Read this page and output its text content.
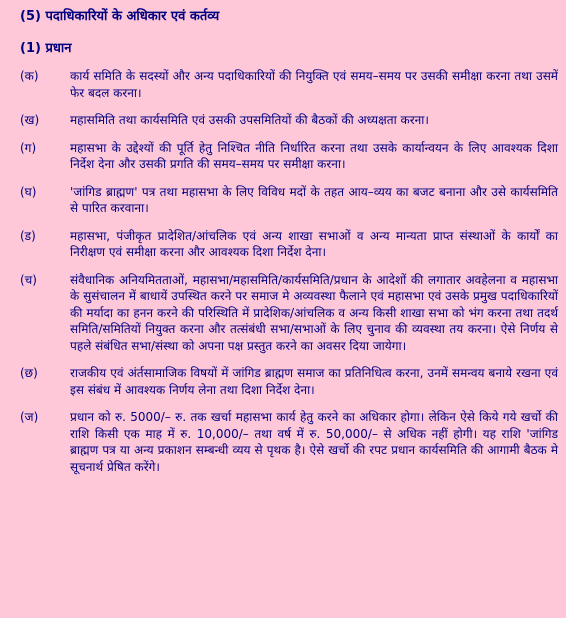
(5) पदाधिकारियों के अधिकार एवं कर्तव्य
(1) प्रधान
(क)	कार्य समिति के सदस्यों और अन्य पदाधिकारियों की नियुक्ति एवं समय–समय पर उसकी समीक्षा करना तथा उसमें फेर बदल करना।
(ख)	महासमिति तथा कार्यसमिति एवं उसकी उपसमितियों की बैठकों की अध्यक्षता करना।
(ग)	महासभा के उद्देश्यों की पूर्ति हेतु निश्चित नीति निर्धारित करना तथा उसके कार्यान्वयन के लिए आवश्यक दिशा निर्देश देना और उसकी प्रगति की समय–समय पर समीक्षा करना।
(घ)	'जांगिड ब्राह्मण' पत्र तथा महासभा के लिए विविध मदों के तहत आय–व्यय का बजट बनाना और उसे कार्यसमिति से पारित करवाना।
(ड)	महासभा, पंजीकृत प्रादेशित/आंचलिक एवं अन्य शाखा सभाओं व अन्य मान्यता प्राप्त संस्थाओं के कार्यों का निरीक्षण एवं समीक्षा करना और आवश्यक दिशा निर्देश देना।
(च)	संवैधानिक अनियमितताओं, महासभा/महासमिति/कार्यसमिति/प्रधान के आदेशों की लगातार अवहेलना व महासभा के सुसंचालन में बाधायें उपस्थित करने पर समाज मे अव्यवस्था फैलाने एवं महासभा एवं उसके प्रमुख पदाधिकारियों की मर्यादा का हनन करने की परिस्थिति में प्रादेशिक/आंचलिक व अन्य किसी शाखा सभा को भंग करना तथा तदर्थ समिति/समितियों नियुक्त करना और तत्संबंधी सभा/सभाओं के लिए चुनाव की व्यवस्था तय करना। ऐसे निर्णय से पहले संबंधित सभा/संस्था को अपना पक्ष प्रस्तुत करने का अवसर दिया जायेगा।
(छ)	राजकीय एवं अंर्तसामाजिक विषयों में जांगिड ब्राह्मण समाज का प्रतिनिधित्व करना, उनमें समन्वय बनाये रखना एवं इस संबंध में आवश्यक निर्णय लेना तथा दिशा निर्देश देना।
(ज)	प्रधान को रु. 5000/– रु. तक खर्चा महासभा कार्य हेतु करने का अधिकार होगा। लेकिन ऐसे किये गये खर्चो की राशि किसी एक माह में रु. 10,000/– तथा वर्ष में रु. 50,000/– से अधिक नहीं होगी। यह राशि 'जांगिड ब्राह्मण पत्र या अन्य प्रकाशन सम्बन्धी व्यय से पृथक है। ऐसे खर्चो की रपट प्रधान कार्यसमिति की आगामी बैठक मे सूचनार्थ प्रेषित करेंगे।
